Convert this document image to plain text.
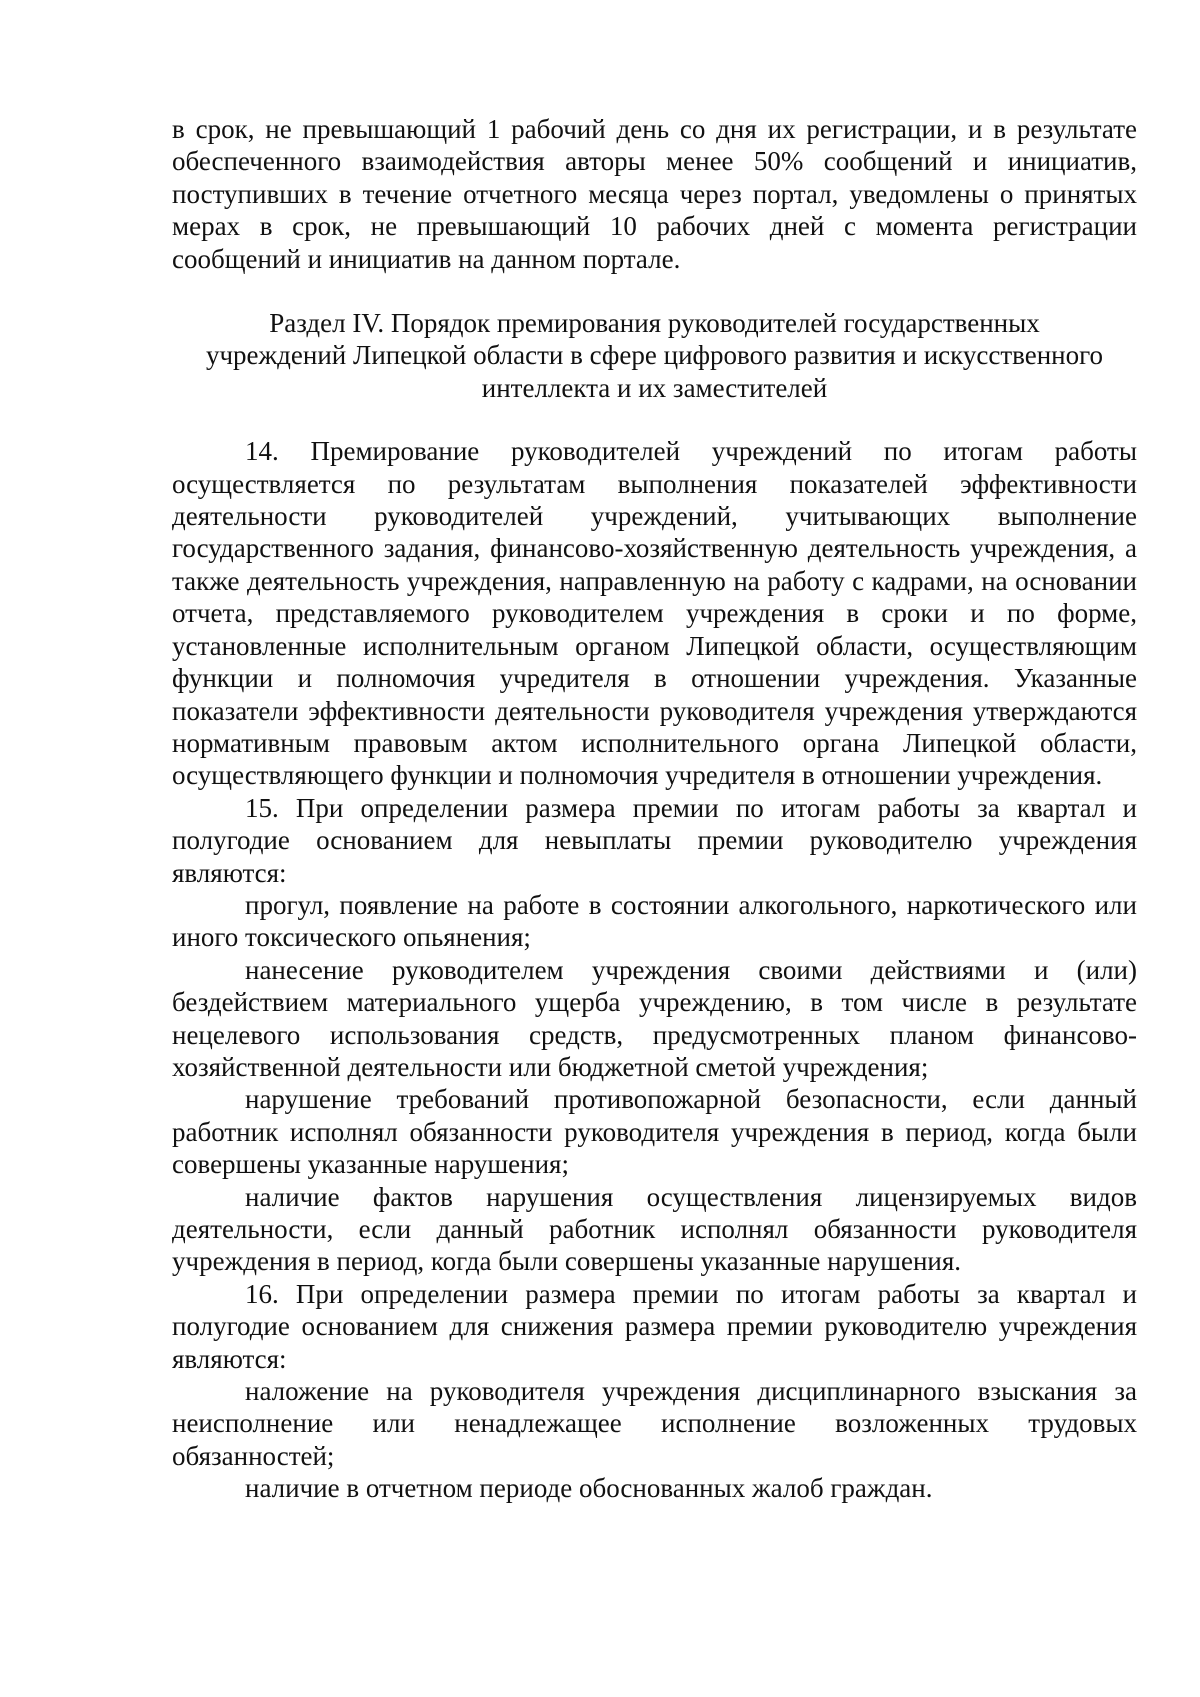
в срок, не превышающий 1 рабочий день со дня их регистрации, и в результате обеспеченного взаимодействия авторы менее 50% сообщений и инициатив, поступивших в течение отчетного месяца через портал, уведомлены о принятых мерах в срок, не превышающий 10 рабочих дней с момента регистрации сообщений и инициатив на данном портале.

Раздел IV. Порядок премирования руководителей государственных
учреждений Липецкой области в сфере цифрового развития и искусственного
интеллекта и их заместителей

14. Премирование руководителей учреждений по итогам работы осуществляется по результатам выполнения показателей эффективности деятельности руководителей учреждений, учитывающих выполнение государственного задания, финансово-хозяйственную деятельность учреждения, а также деятельность учреждения, направленную на работу с кадрами, на основании отчета, представляемого руководителем учреждения в сроки и по форме, установленные исполнительным органом Липецкой области, осуществляющим функции и полномочия учредителя в отношении учреждения. Указанные показатели эффективности деятельности руководителя учреждения утверждаются нормативным правовым актом исполнительного органа Липецкой области, осуществляющего функции и полномочия учредителя в отношении учреждения.

15. При определении размера премии по итогам работы за квартал и полугодие основанием для невыплаты премии руководителю учреждения являются:

прогул, появление на работе в состоянии алкогольного, наркотического или иного токсического опьянения;

нанесение руководителем учреждения своими действиями и (или) бездействием материального ущерба учреждению, в том числе в результате нецелевого использования средств, предусмотренных планом финансово-хозяйственной деятельности или бюджетной сметой учреждения;

нарушение требований противопожарной безопасности, если данный работник исполнял обязанности руководителя учреждения в период, когда были совершены указанные нарушения;

наличие фактов нарушения осуществления лицензируемых видов деятельности, если данный работник исполнял обязанности руководителя учреждения в период, когда были совершены указанные нарушения.

16. При определении размера премии по итогам работы за квартал и полугодие основанием для снижения размера премии руководителю учреждения являются:

наложение на руководителя учреждения дисциплинарного взыскания за неисполнение или ненадлежащее исполнение возложенных трудовых обязанностей;

наличие в отчетном периоде обоснованных жалоб граждан.
